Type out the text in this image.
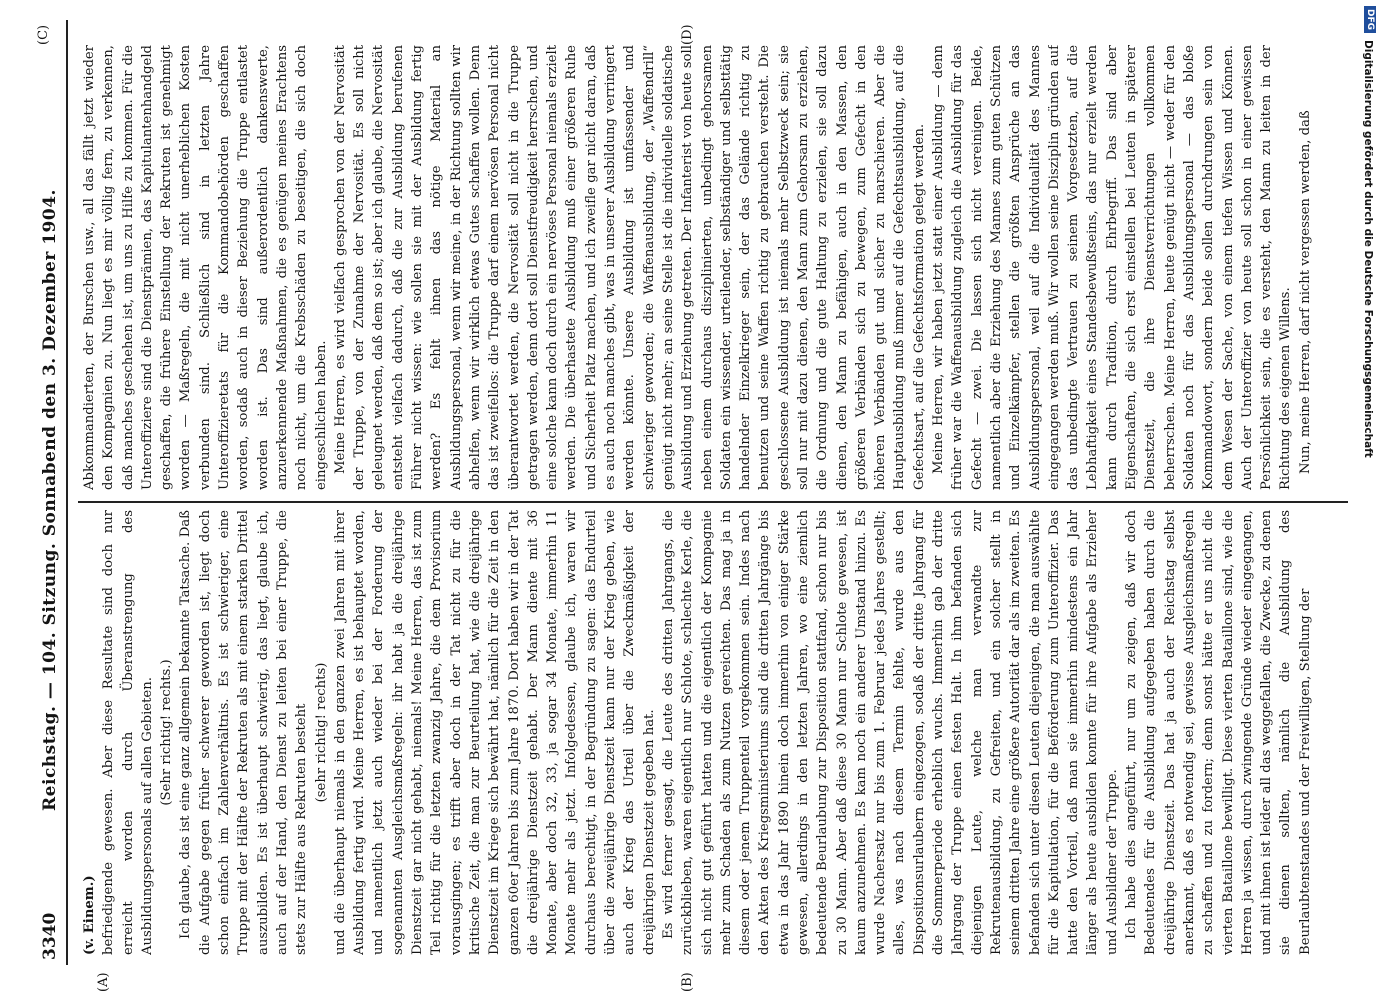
3340
Reichstag. — 104. Sitzung. Sonnabend den 3. Dezember 1904.
(A)	(B)
(C)	(D)

(v. Einem.) befriedigende gewesen. Aber diese Resultate sind doch nur erreicht worden durch Überanstrengung des Ausbildungspersonals auf allen Gebieten. (Sehr richtig! rechts.) Ich glaube, das ist eine ganz allgemein bekannte Tatsache. Daß die Aufgabe gegen früher schwerer geworden ist, liegt doch schon einfach im Zahlenverhältnis. Es ist schwieriger, eine Truppe mit der Hälfte der Rekruten als mit einem starken Drittel auszubilden. Es ist überhaupt schwierig, das liegt, glaube ich, auch auf der Hand, den Dienst zu leiten bei einer Truppe, die stets zur Hälfte aus Rekruten besteht (sehr richtig! rechts) und die überhaupt niemals in den ganzen zwei Jahren mit ihrer Ausbildung fertig wird. Meine Herren, es ist behauptet worden, und namentlich jetzt auch wieder bei der Forderung der sogenannten Ausgleichsmaßregeln: ihr habt ja die dreijährige Dienstzeit gar nicht gehabt, niemals! Meine Herren, das ist zum Teil richtig für die letzten zwanzig Jahre, die dem Provisorium vorausgingen; es trifft aber doch in der Tat nicht zu für die kritische Zeit, die man zur Beurteilung hat, wie die dreijährige Dienstzeit im Kriege sich bewährt hat, nämlich für die Zeit in den ganzen 60er Jahren bis zum Jahre 1870. Dort haben wir in der Tat die dreijährige Dienstzeit gehabt. Der Mann diente mit 36 Monate, aber doch 32, 33, ja sogar 34 Monate, immerhin 11 Monate mehr als jetzt. Infolgedessen, glaube ich, waren wir durchaus berechtigt, in der Begründung zu sagen: das Endurteil über die zweijährige Dienstzeit kann nur der Krieg geben, wie auch der Krieg das Urteil über die Zweckmäßigkeit der dreijährigen Dienstzeit gegeben hat. Es wird ferner gesagt, die Leute des dritten Jahrgangs, die zurückblieben, waren eigentlich nur Schlote, schlechte Kerle, die sich nicht gut geführt hatten und die eigentlich der Kompagnie mehr zum Schaden als zum Nutzen gereichten. Das mag ja in diesem oder jenem Truppenteil vorgekommen sein. Indes nach den Akten des Kriegsministeriums sind die dritten Jahrgänge bis etwa in das Jahr 1890 hinein doch immerhin von einiger Stärke gewesen, allerdings in den letzten Jahren, wo eine ziemlich bedeutende Beurlaubung zur Disposition stattfand, schon nur bis zu 30 Mann. Aber daß diese 30 Mann nur Schlote gewesen, ist kaum anzunehmen. Es kam noch ein anderer Umstand hinzu. Es wurde Nachersatz nur bis zum 1. Februar jedes Jahres gestellt; alles, was nach diesem Termin fehlte, wurde aus den Dispositionsurlaubern eingezogen, sodaß der dritte Jahrgang für die Sommerperiode erheblich wuchs. Immerhin gab der dritte Jahrgang der Truppe einen festen Halt. In ihm befanden sich diejenigen Leute, welche man verwandte zur Rekrutenausbildung, zu Gefreiten, und ein solcher stellt in seinem dritten Jahre eine größere Autorität dar als im zweiten. Es befanden sich unter diesen Leuten diejenigen, die man auswählte für die Kapitulation, für die Beförderung zum Unteroffizier. Das hatte den Vorteil, daß man sie immerhin mindestens ein Jahr länger als heute ausbilden konnte für ihre Aufgabe als Erzieher und Ausbildner der Truppe. Ich habe dies angeführt, nur um zu zeigen, daß wir doch Bedeutendes für die Ausbildung aufgegeben haben durch die dreijährige Dienstzeit. Das hat ja auch der Reichstag selbst anerkannt, daß es notwendig sei, gewisse Ausgleichsmaßregeln zu schaffen und zu fordern; denn sonst hätte er uns nicht die vierten Bataillone bewilligt. Diese vierten Bataillone sind, wie die Herren ja wissen, durch zwingende Gründe wieder eingegangen, und mit ihnen ist leider all das weggefallen, die Zwecke, zu denen sie dienen sollten, nämlich die Ausbildung des Beurlaubtenstandes und der Freiwilligen, Stellung der

Abkommandierten, der Burschen usw., all das fällt jetzt wieder den Kompagnien zu. Nun liegt es mir völlig fern, zu verkennen, daß manches geschehen ist, um uns zu Hilfe zu kommen. Für die Unteroffiziere sind die Dienstprämien, das Kapitulantenhandgeld geschaffen, die frühere Einstellung der Rekruten ist genehmigt worden — Maßregeln, die mit nicht unerheblichen Kosten verbunden sind. Schließlich sind in letzten Jahre Unteroffizieretats für die Kommandobehörden geschaffen worden, sodaß auch in dieser Beziehung die Truppe entlastet worden ist. Das sind außerordentlich dankenswerte, anzuerkennende Maßnahmen, die es genügen meines Erachtens noch nicht, um die Krebsschäden zu beseitigen, die sich doch eingeschlichen haben. Meine Herren, es wird vielfach gesprochen von der Nervosität der Truppe, von der Zunahme der Nervosität. Es soll nicht geleugnet werden, daß dem so ist; aber ich glaube, die Nervosität entsteht vielfach dadurch, daß die zur Ausbildung berufenen Führer nicht wissen: wie sollen sie mit der Ausbildung fertig werden? Es fehlt ihnen das nötige Material an Ausbildungspersonal, wenn wir meine, in der Richtung sollten wir abhelfen, wenn wir wirklich etwas Gutes schaffen wollen. Denn das ist zweifellos: die Truppe darf einem nervösen Personal nicht überantwortet werden, die Nervosität soll nicht in die Truppe getragen werden, denn dort soll Dienstfreudigkeit herrschen, und eine solche kann doch durch ein nervöses Personal niemals erzielt werden. Die überhastete Ausbildung muß einer größeren Ruhe und Sicherheit Platz machen, und ich zweifle gar nicht daran, daß es auch noch manches gibt, was in unserer Ausbildung verringert werden könnte. Unsere Ausbildung ist umfassender und schwieriger geworden; die Waffenausbildung, der „Waffendrill“ genügt nicht mehr; an seine Stelle ist die individuelle soldatische Ausbildung und Erziehung getreten. Der Infanterist von heute soll neben einem durchaus disziplinierten, unbedingt gehorsamen Soldaten ein wissender, urteilender, selbständiger und selbsttätig handelnder Einzelkrieger sein, der das Gelände richtig zu benutzen und seine Waffen richtig zu gebrauchen versteht. Die geschlossene Ausbildung ist niemals mehr Selbstzweck sein; sie soll nur mit dazu dienen, den Mann zum Gehorsam zu erziehen, die Ordnung und die gute Haltung zu erzielen, sie soll dazu dienen, den Mann zu befähigen, auch in den Massen, den größeren Verbänden sich zu bewegen, zum Gefecht in den höheren Verbänden gut und sicher zu marschieren. Aber die Hauptausbildung muß immer auf die Gefechtsausbildung, auf die Gefechtsart, auf die Gefechtsformation gelegt werden. Meine Herren, wir haben jetzt statt einer Ausbildung — denn früher war die Waffenausbildung zugleich die Ausbildung für das Gefecht — zwei. Die lassen sich nicht vereinigen. Beide, namentlich aber die Erziehung des Mannes zum guten Schützen und Einzelkämpfer, stellen die größten Ansprüche an das Ausbildungspersonal, weil auf die Individualität des Mannes eingegangen werden muß. Wir wollen seine Disziplin gründen auf das unbedingte Vertrauen zu seinem Vorgesetzten, auf die Lebhaftigkeit eines Standesbewußtseins, das nur erzielt werden kann durch Tradition, durch Ehrbegriff. Das sind aber Eigenschaften, die sich erst einstellen bei Leuten in späterer Dienstzeit, die ihre Dienstverrichtungen vollkommen beherrschen. Meine Herren, heute genügt nicht — weder für den Soldaten noch für das Ausbildungspersonal — das bloße Kommandowort, sondern beide sollen durchdrungen sein von dem Wesen der Sache, von einem tiefen Wissen und Können. Auch der Unteroffizier von heute soll schon in einer gewissen Persönlichkeit sein, die es versteht, den Mann zu leiten in der Richtung des eigenen Willens. Nun, meine Herren, darf nicht vergessen werden, daß

DFG
Digitalisierung gefördert durch die Deutsche Forschungsgemeinschaft
